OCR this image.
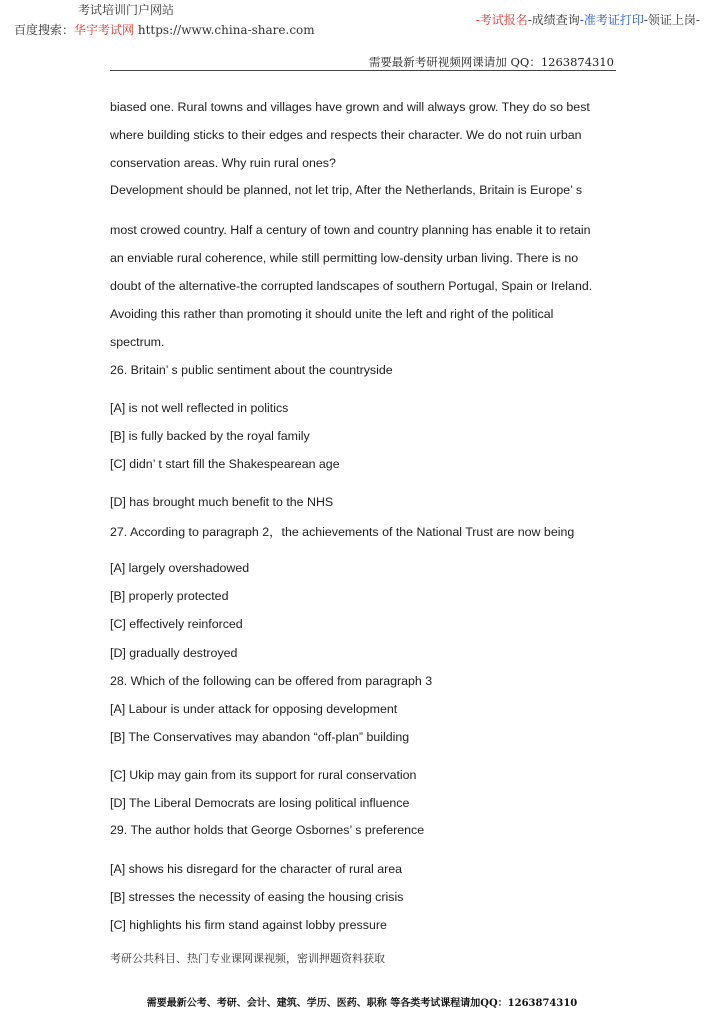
考试培训门户网站
百度搜索：华宇考试网 https://www.china-share.com
-考试报名-成绩查询-准考证打印-领证上岗-
需要最新考研视频网课请加 QQ：1263874310
biased one. Rural towns and villages have grown and will always grow. They do so best
where building sticks to their edges and respects their character. We do not ruin urban
conservation areas. Why ruin rural ones?
Development should be planned, not let trip, After the Netherlands, Britain is Europe’ s
most crowed country. Half a century of town and country planning has enable it to retain
an enviable rural coherence, while still permitting low-density urban living. There is no
doubt of the alternative-the corrupted landscapes of southern Portugal, Spain or Ireland.
Avoiding this rather than promoting it should unite the left and right of the political
spectrum.
26. Britain’ s public sentiment about the countryside
[A] is not well reflected in politics
[B] is fully backed by the royal family
[C] didn’ t start fill the Shakespearean age
[D] has brought much benefit to the NHS
27. According to paragraph 2，the achievements of the National Trust are now being
[A] largely overshadowed
[B] properly protected
[C] effectively reinforced
[D] gradually destroyed
28. Which of the following can be offered from paragraph 3
[A] Labour is under attack for opposing development
[B] The Conservatives may abandon “off-plan” building
[C] Ukip may gain from its support for rural conservation
[D] The Liberal Democrats are losing political influence
29. The author holds that George Osbornes’ s preference
[A] shows his disregard for the character of rural area
[B] stresses the necessity of easing the housing crisis
[C] highlights his firm stand against lobby pressure
考研公共科目、热门专业课网课视频，密训押题资料获取
需要最新公考、考研、会计、建筑、学历、医药、职称 等各类考试课程请加QQ：1263874310
